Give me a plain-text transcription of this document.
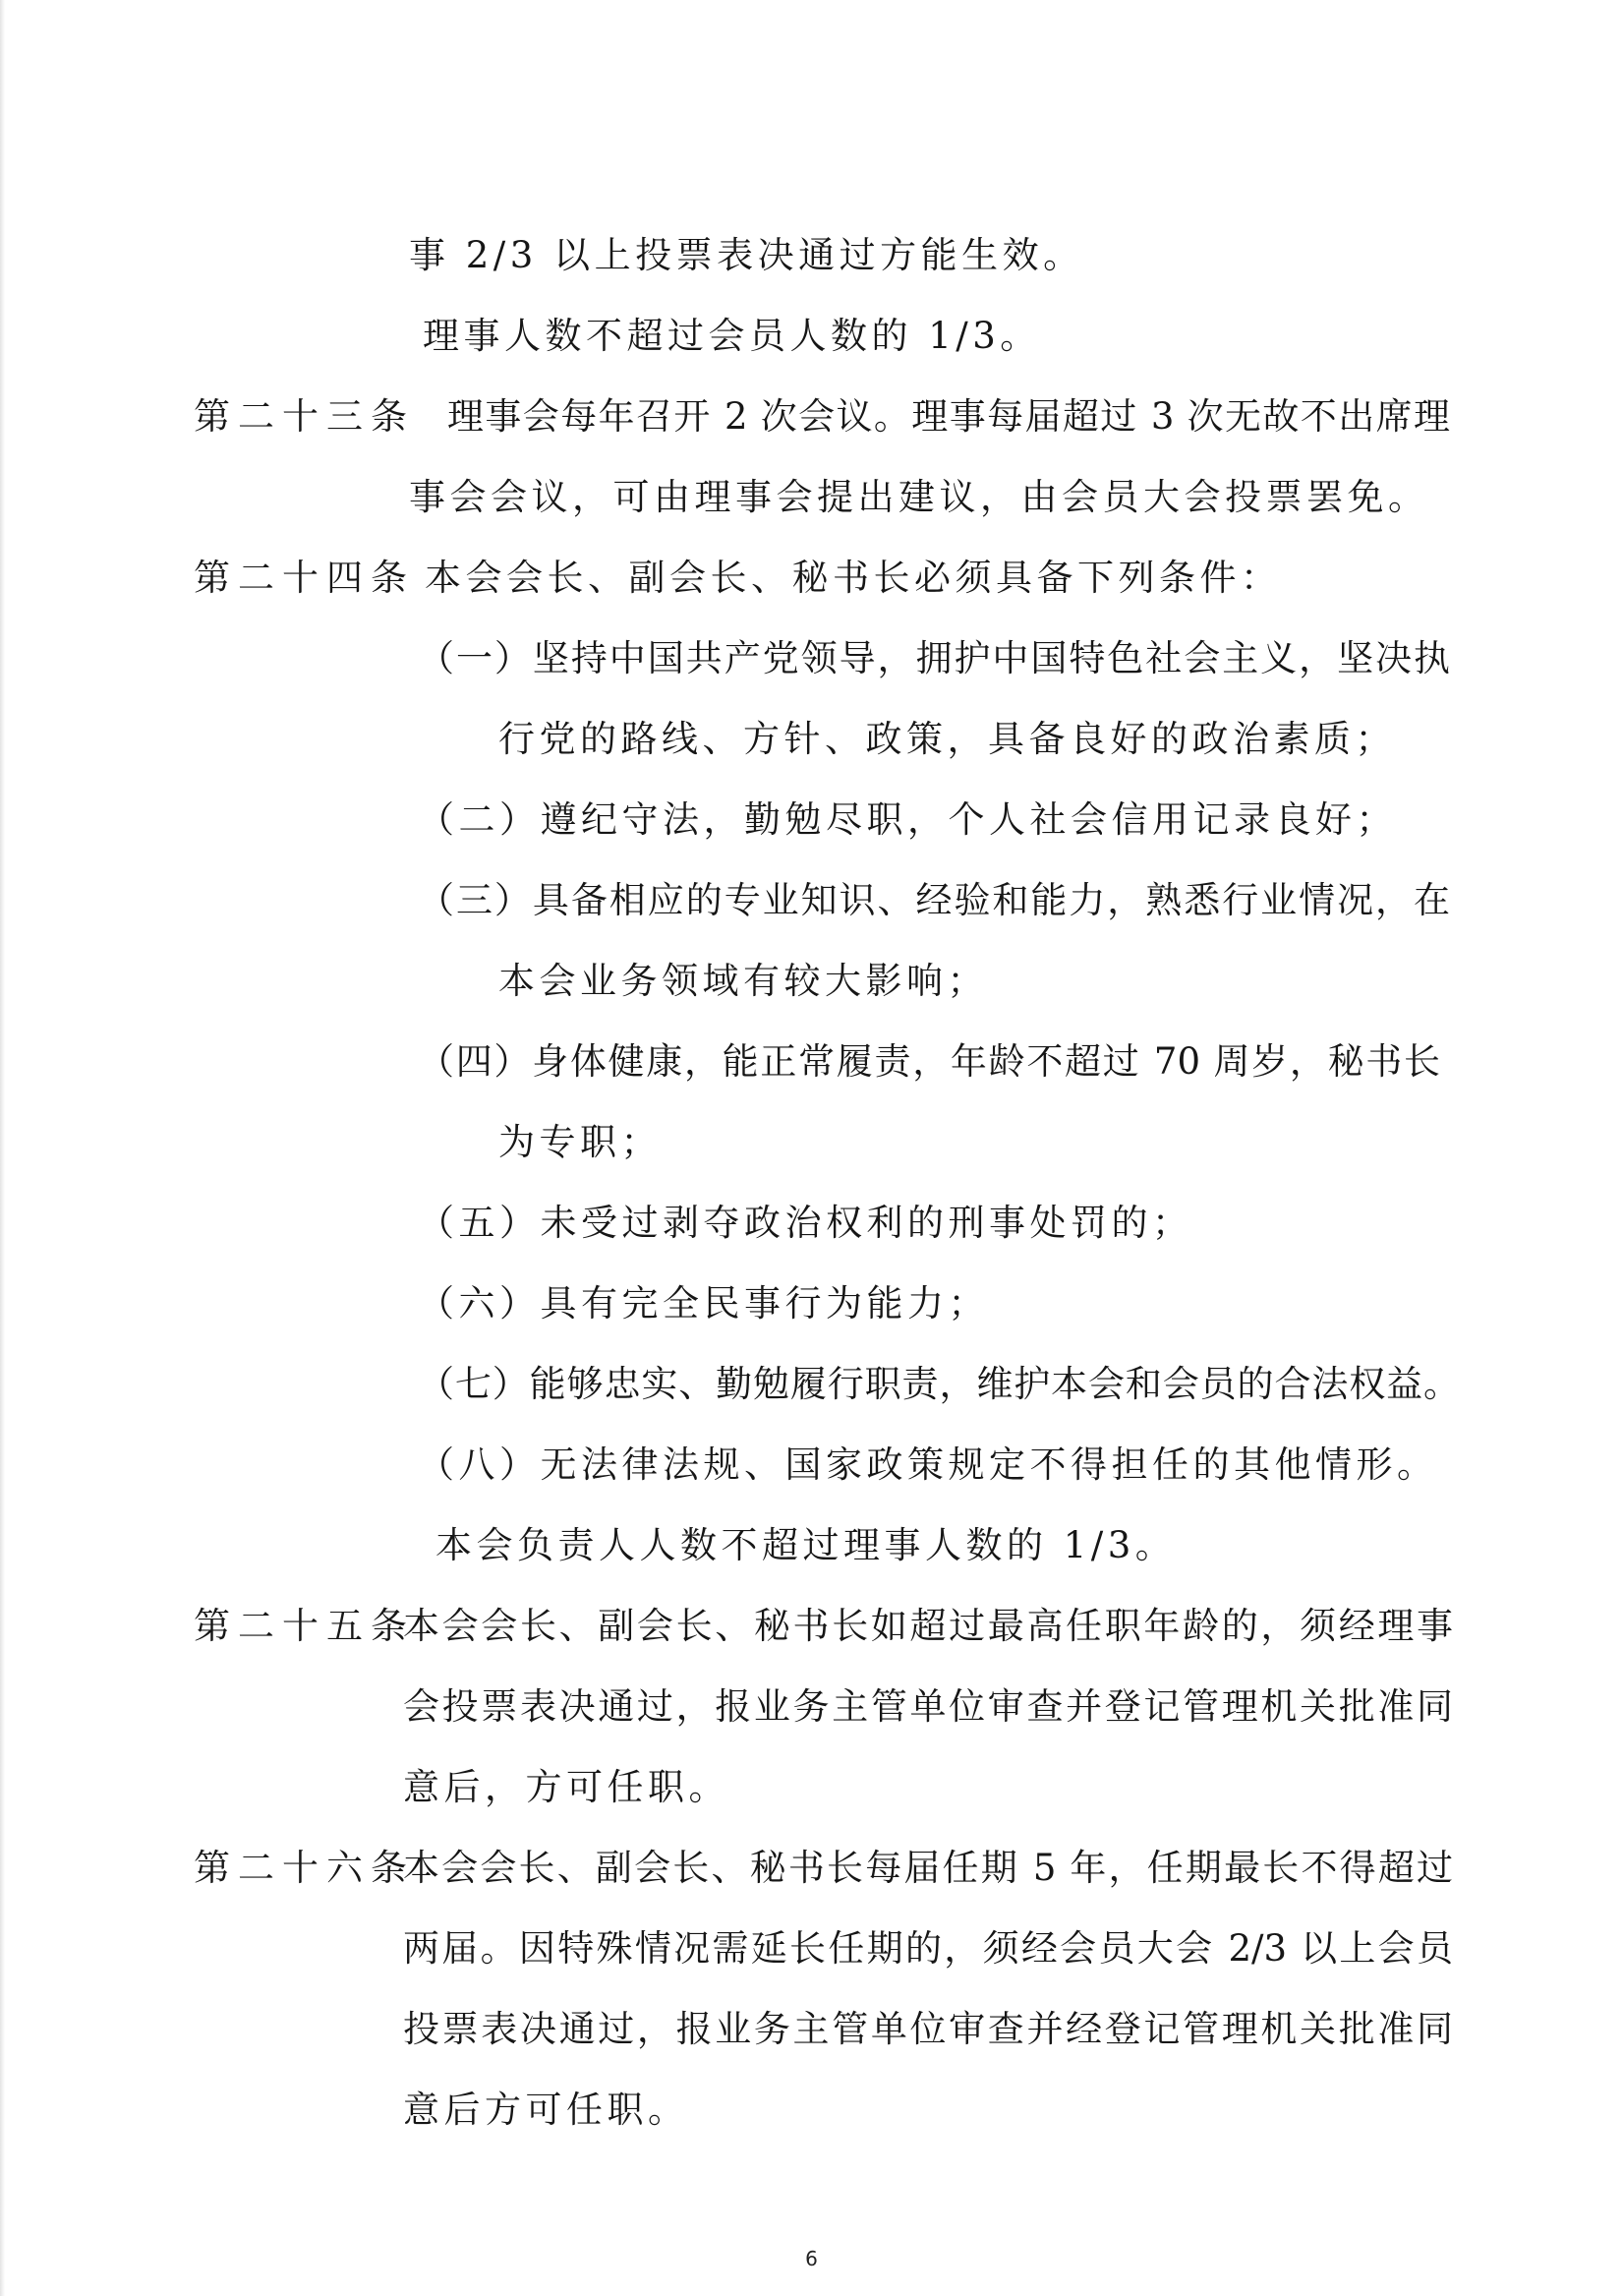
事 2/3 以上投票表决通过方能生效。
理事人数不超过会员人数的 1/3。
第二十三条 理事会每年召开 2 次会议。理事每届超过 3 次无故不出席理
事会会议，可由理事会提出建议，由会员大会投票罢免。
第二十四条 本会会长、副会长、秘书长必须具备下列条件：
（一）坚持中国共产党领导，拥护中国特色社会主义，坚决执
行党的路线、方针、政策，具备良好的政治素质；
（二）遵纪守法，勤勉尽职，个人社会信用记录良好；
（三）具备相应的专业知识、经验和能力，熟悉行业情况，在
本会业务领域有较大影响；
（四）身体健康，能正常履责，年龄不超过 70 周岁，秘书长
为专职；
（五）未受过剥夺政治权利的刑事处罚的；
（六）具有完全民事行为能力；
（七）能够忠实、勤勉履行职责，维护本会和会员的合法权益。
（八）无法律法规、国家政策规定不得担任的其他情形。
本会负责人人数不超过理事人数的 1/3。
第二十五条
本会会长、副会长、秘书长如超过最高任职年龄的，须经理事
会投票表决通过，报业务主管单位审查并登记管理机关批准同
意后，方可任职。
第二十六条
本会会长、副会长、秘书长每届任期 5 年，任期最长不得超过
两届。因特殊情况需延长任期的，须经会员大会 2/3 以上会员
投票表决通过，报业务主管单位审查并经登记管理机关批准同
意后方可任职。
6
